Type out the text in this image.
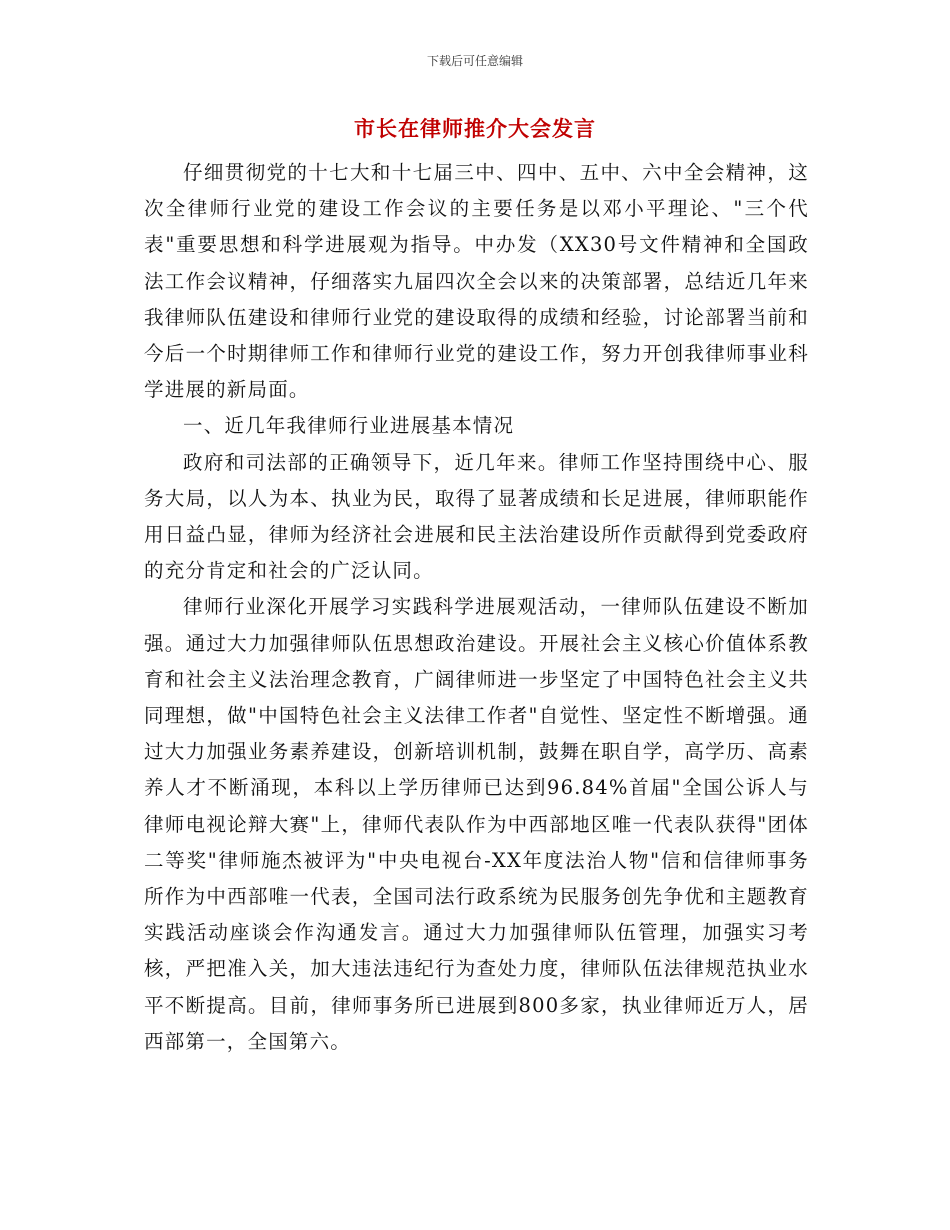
下载后可任意编辑
市长在律师推介大会发言

仔细贯彻党的十七大和十七届三中、四中、五中、六中全会精神，这次全律师行业党的建设工作会议的主要任务是以邓小平理论、"三个代表"重要思想和科学进展观为指导。中办发（XX30号文件精神和全国政法工作会议精神，仔细落实九届四次全会以来的决策部署，总结近几年来我律师队伍建设和律师行业党的建设取得的成绩和经验，讨论部署当前和今后一个时期律师工作和律师行业党的建设工作，努力开创我律师事业科学进展的新局面。

一、近几年我律师行业进展基本情况

政府和司法部的正确领导下，近几年来。律师工作坚持围绕中心、服务大局，以人为本、执业为民，取得了显著成绩和长足进展，律师职能作用日益凸显，律师为经济社会进展和民主法治建设所作贡献得到党委政府的充分肯定和社会的广泛认同。

律师行业深化开展学习实践科学进展观活动，一律师队伍建设不断加强。通过大力加强律师队伍思想政治建设。开展社会主义核心价值体系教育和社会主义法治理念教育，广阔律师进一步坚定了中国特色社会主义共同理想，做"中国特色社会主义法律工作者"自觉性、坚定性不断增强。通过大力加强业务素养建设，创新培训机制，鼓舞在职自学，高学历、高素养人才不断涌现，本科以上学历律师已达到96.84%首届"全国公诉人与律师电视论辩大赛"上，律师代表队作为中西部地区唯一代表队获得"团体二等奖"律师施杰被评为"中央电视台-XX年度法治人物"信和信律师事务所作为中西部唯一代表，全国司法行政系统为民服务创先争优和主题教育实践活动座谈会作沟通发言。通过大力加强律师队伍管理，加强实习考核，严把准入关，加大违法违纪行为查处力度，律师队伍法律规范执业水平不断提高。目前，律师事务所已进展到800多家，执业律师近万人，居西部第一，全国第六。
